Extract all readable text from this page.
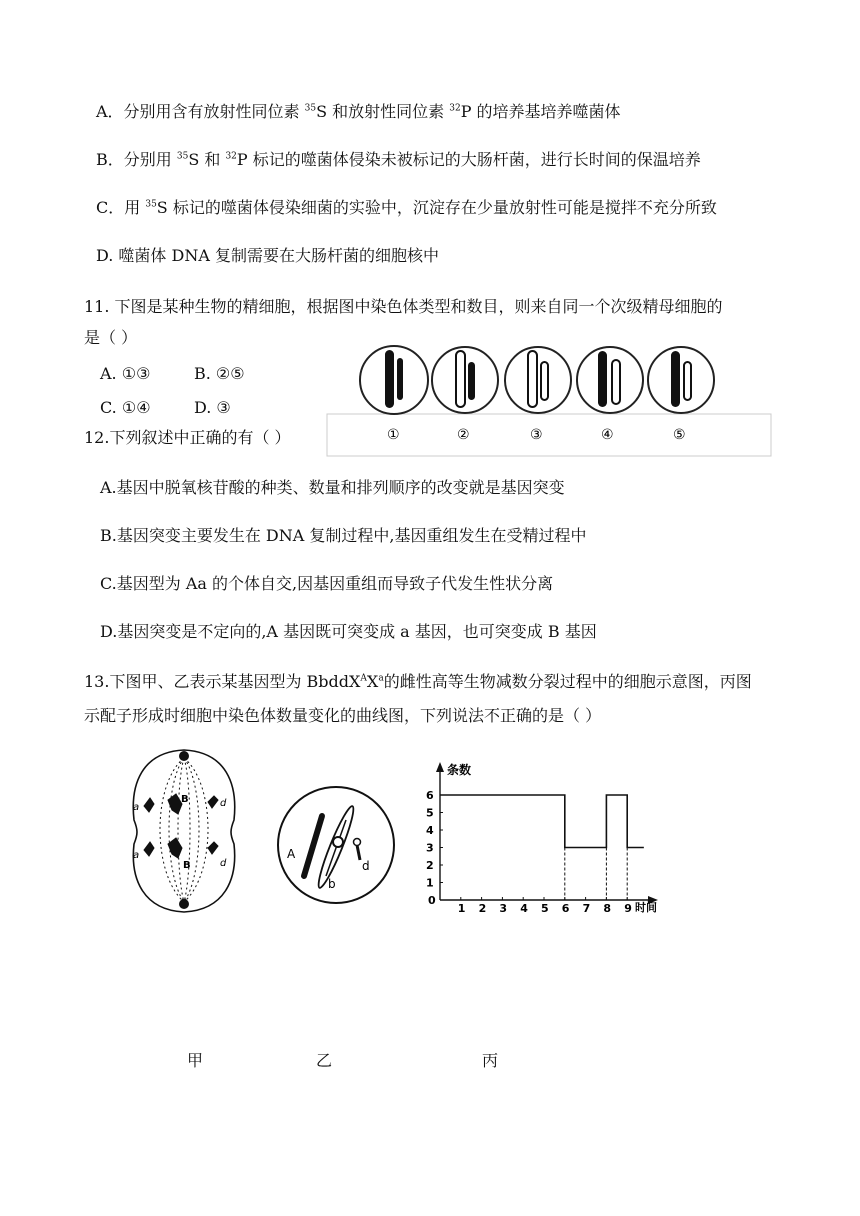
A．分别用含有放射性同位素 $^{35}$S 和放射性同位素 $^{32}$P 的培养基培养噬菌体
B．分别用 $^{35}$S 和 $^{32}$P 标记的噬菌体侵染未被标记的大肠杆菌，进行长时间的保温培养
C．用 $^{35}$S 标记的噬菌体侵染细菌的实验中，沉淀存在少量放射性可能是搅拌不充分所致
D. 噬菌体 DNA 复制需要在大肠杆菌的细胞核中
11. 下图是某种生物的精细胞，根据图中染色体类型和数目，则来自同一个次级精母细胞的
是（ ）
A. ①③	B. ②⑤
C. ①④	D. ③
①	②	③	④	⑤
12.下列叙述中正确的有（ ）
A.基因中脱氧核苷酸的种类、数量和排列顺序的改变就是基因突变
B.基因突变主要发生在 DNA 复制过程中,基因重组发生在受精过程中
C.基因型为 Aa 的个体自交,因基因重组而导致子代发生性状分离
D.基因突变是不定向的,A 基因既可突变成 a 基因，也可突变成 B 基因
13.下图甲、乙表示某基因型为 $BbddX^AX^a$的雌性高等生物减数分裂过程中的细胞示意图，丙图
示配子形成时细胞中染色体数量变化的曲线图，下列说法不正确的是（ ）
a
B	d
a
B	d
A
b
d
条数
时间
0
1 2 3 4 5 6 7 8 9
1
2
3
4
5
6
甲	乙	丙
